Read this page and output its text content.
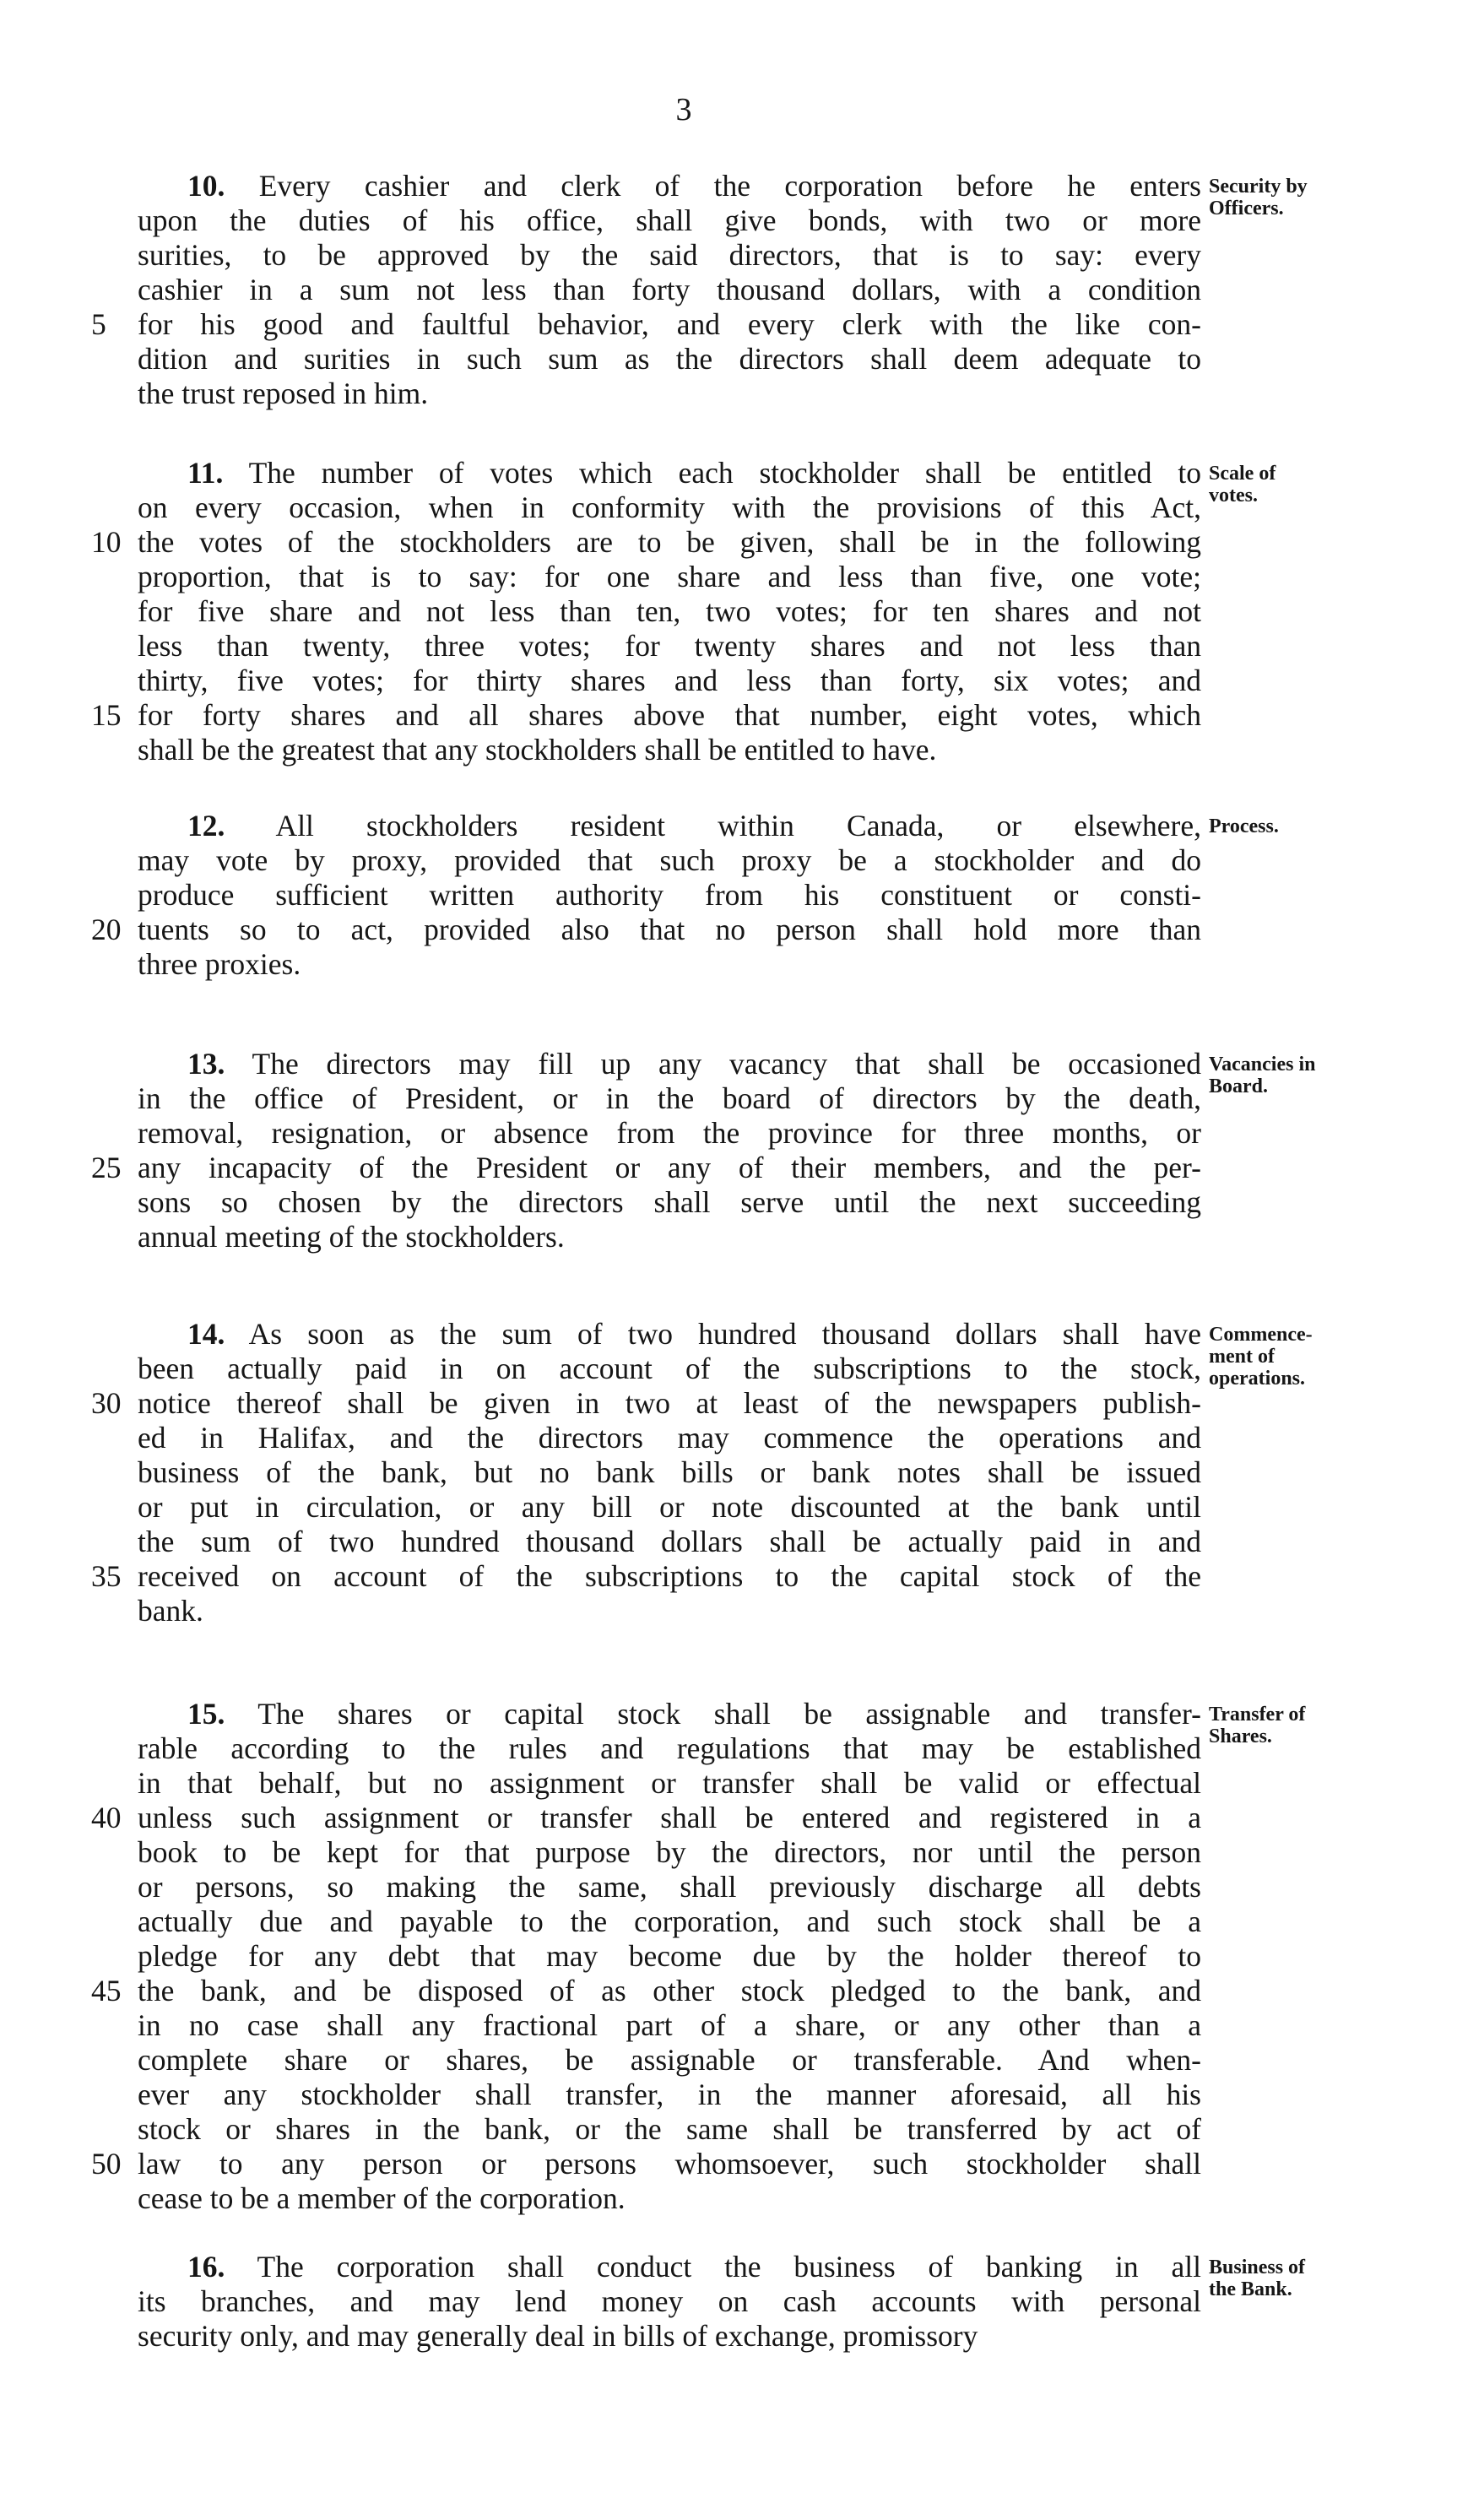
3
10. Every cashier and clerk of the corporation before he enters
upon the duties of his office, shall give bonds, with two or more
surities, to be approved by the said directors, that is to say: every
cashier in a sum not less than forty thousand dollars, with a condition
for his good and faultful behavior, and every clerk with the like con-
5
dition and surities in such sum as the directors shall deem adequate to
the trust reposed in him.
Security by
Officers.
11. The number of votes which each stockholder shall be entitled to
on every occasion, when in conformity with the provisions of this Act,
the votes of the stockholders are to be given, shall be in the following
10
proportion, that is to say: for one share and less than five, one vote;
for five share and not less than ten, two votes; for ten shares and not
less than twenty, three votes; for twenty shares and not less than
thirty, five votes; for thirty shares and less than forty, six votes; and
for forty shares and all shares above that number, eight votes, which
15
shall be the greatest that any stockholders shall be entitled to have.
Scale of
votes.
12. All stockholders resident within Canada, or elsewhere,
may vote by proxy, provided that such proxy be a stockholder and do
produce sufficient written authority from his constituent or consti-
tuents so to act, provided also that no person shall hold more than
20
three proxies.
Process.
13. The directors may fill up any vacancy that shall be occasioned
in the office of President, or in the board of directors by the death,
removal, resignation, or absence from the province for three months, or
any incapacity of the President or any of their members, and the per-
25
sons so chosen by the directors shall serve until the next succeeding
annual meeting of the stockholders.
Vacancies in
Board.
14. As soon as the sum of two hundred thousand dollars shall have
been actually paid in on account of the subscriptions to the stock,
notice thereof shall be given in two at least of the newspapers publish-
30
ed in Halifax, and the directors may commence the operations and
business of the bank, but no bank bills or bank notes shall be issued
or put in circulation, or any bill or note discounted at the bank until
the sum of two hundred thousand dollars shall be actually paid in and
received on account of the subscriptions to the capital stock of the
35
bank.
Commence-
ment of
operations.
15. The shares or capital stock shall be assignable and transfer-
rable according to the rules and regulations that may be established
in that behalf, but no assignment or transfer shall be valid or effectual
unless such assignment or transfer shall be entered and registered in a
40
book to be kept for that purpose by the directors, nor until the person
or persons, so making the same, shall previously discharge all debts
actually due and payable to the corporation, and such stock shall be a
pledge for any debt that may become due by the holder thereof to
the bank, and be disposed of as other stock pledged to the bank, and
45
in no case shall any fractional part of a share, or any other than a
complete share or shares, be assignable or transferable. And when-
ever any stockholder shall transfer, in the manner aforesaid, all his
stock or shares in the bank, or the same shall be transferred by act of
law to any person or persons whomsoever, such stockholder shall
50
cease to be a member of the corporation.
Transfer of
Shares.
16. The corporation shall conduct the business of banking in all
its branches, and may lend money on cash accounts with personal
security only, and may generally deal in bills of exchange, promissory
Business of
the Bank.
